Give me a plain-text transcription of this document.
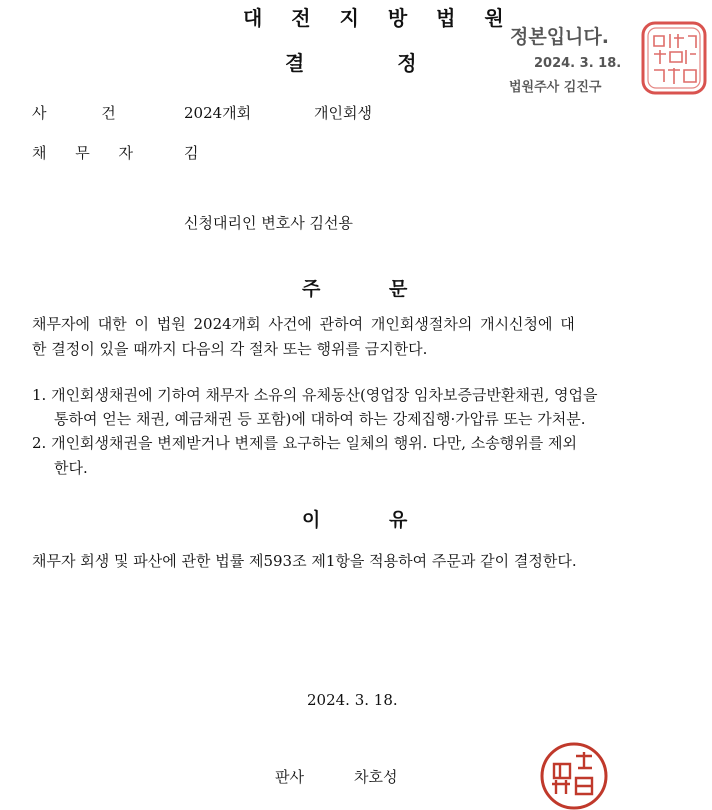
대 전 지 방 법 원
결 정
정본입니다.
2024. 3. 18.
법원주사 김진구
사 건	2024개회	개인회생
채 무 자	김
신청대리인 변호사 김선용
주 문
채무자에 대한 이 법원 2024개회 사건에 관하여 개인회생절차의 개시신청에 대
한 결정이 있을 때까지 다음의 각 절차 또는 행위를 금지한다.
1. 개인회생채권에 기하여 채무자 소유의 유체동산(영업장 임차보증금반환채권, 영업을
통하여 얻는 채권, 예금채권 등 포함)에 대하여 하는 강제집행·가압류 또는 가처분.
2. 개인회생채권을 변제받거나 변제를 요구하는 일체의 행위. 다만, 소송행위를 제외
한다.
이 유
채무자 회생 및 파산에 관한 법률 제593조 제1항을 적용하여 주문과 같이 결정한다.
2024. 3. 18.
판사	차호성
